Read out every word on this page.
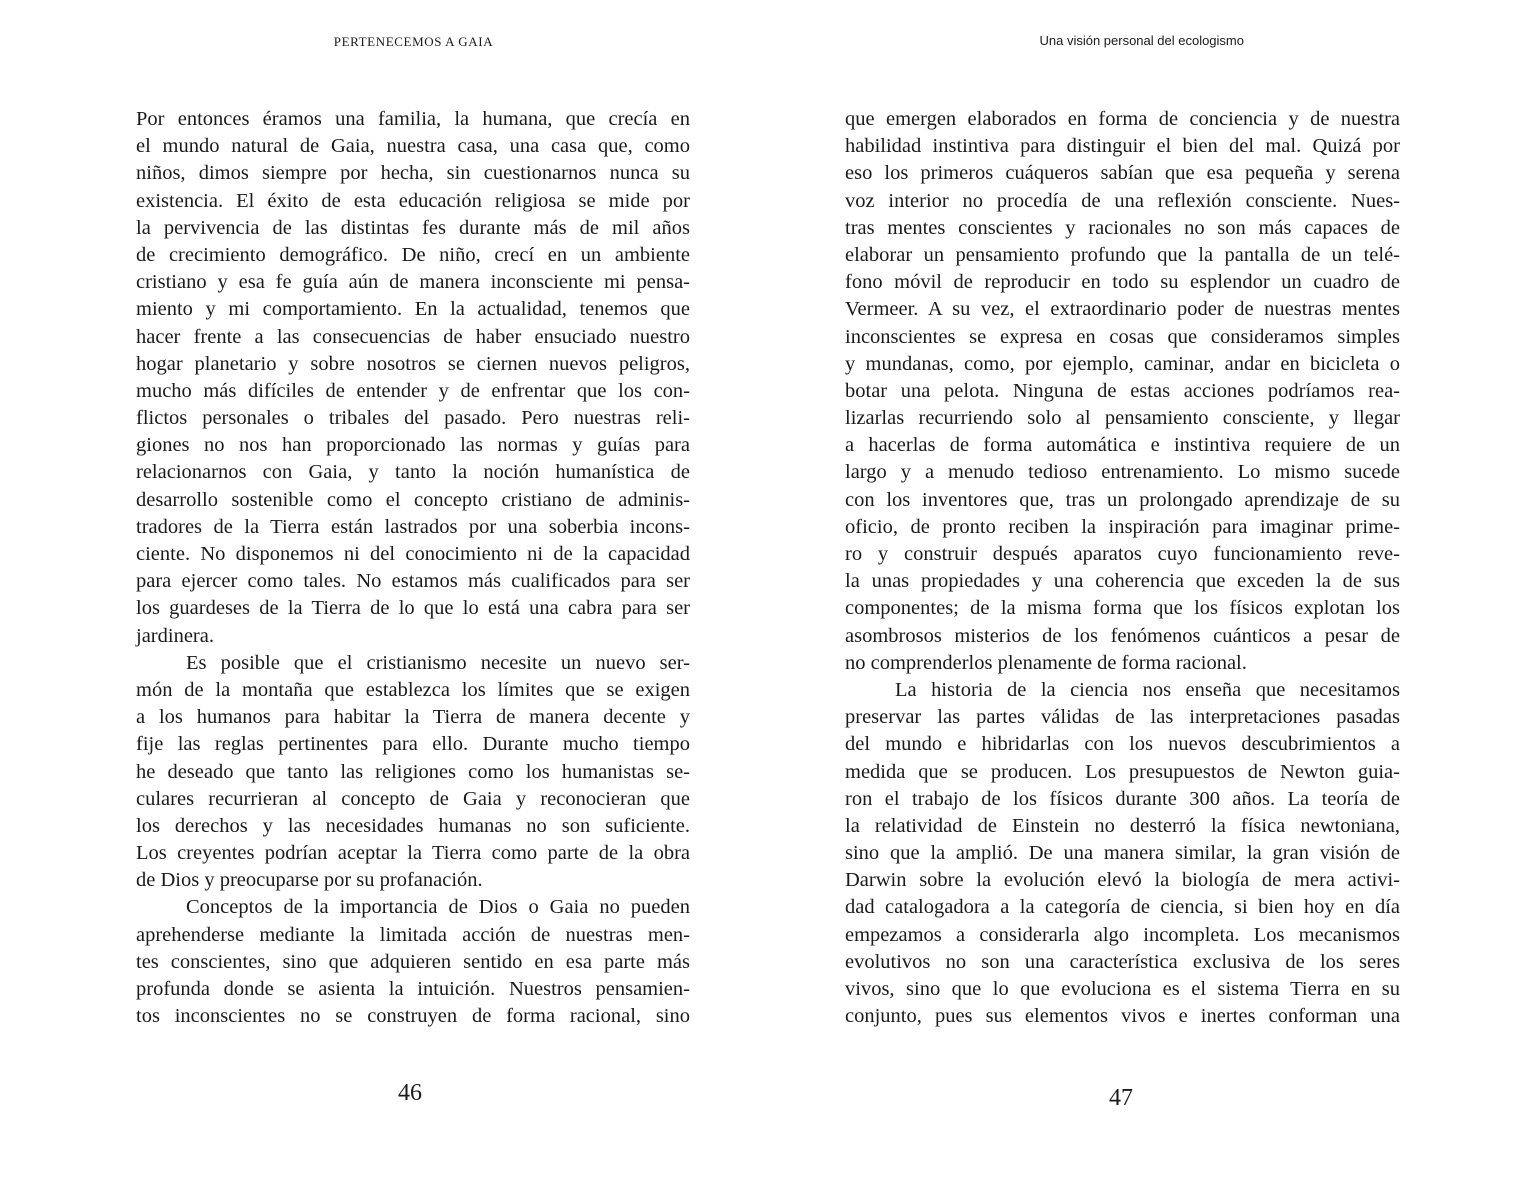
PERTENECEMOS A GAIA
Por entonces éramos una familia, la humana, que crecía en
el mundo natural de Gaia, nuestra casa, una casa que, como
niños, dimos siempre por hecha, sin cuestionarnos nunca su
existencia. El éxito de esta educación religiosa se mide por
la pervivencia de las distintas fes durante más de mil años
de crecimiento demográfico. De niño, crecí en un ambiente
cristiano y esa fe guía aún de manera inconsciente mi pensa-
miento y mi comportamiento. En la actualidad, tenemos que
hacer frente a las consecuencias de haber ensuciado nuestro
hogar planetario y sobre nosotros se ciernen nuevos peligros,
mucho más difíciles de entender y de enfrentar que los con-
flictos personales o tribales del pasado. Pero nuestras reli-
giones no nos han proporcionado las normas y guías para
relacionarnos con Gaia, y tanto la noción humanística de
desarrollo sostenible como el concepto cristiano de adminis-
tradores de la Tierra están lastrados por una soberbia incons-
ciente. No disponemos ni del conocimiento ni de la capacidad
para ejercer como tales. No estamos más cualificados para ser
los guardeses de la Tierra de lo que lo está una cabra para ser
jardinera.
Es posible que el cristianismo necesite un nuevo ser-
món de la montaña que establezca los límites que se exigen
a los humanos para habitar la Tierra de manera decente y
fije las reglas pertinentes para ello. Durante mucho tiempo
he deseado que tanto las religiones como los humanistas se-
culares recurrieran al concepto de Gaia y reconocieran que
los derechos y las necesidades humanas no son suficiente.
Los creyentes podrían aceptar la Tierra como parte de la obra
de Dios y preocuparse por su profanación.
Conceptos de la importancia de Dios o Gaia no pueden
aprehenderse mediante la limitada acción de nuestras men-
tes conscientes, sino que adquieren sentido en esa parte más
profunda donde se asienta la intuición. Nuestros pensamien-
tos inconscientes no se construyen de forma racional, sino
46
Una visión personal del ecologismo
que emergen elaborados en forma de conciencia y de nuestra
habilidad instintiva para distinguir el bien del mal. Quizá por
eso los primeros cuáqueros sabían que esa pequeña y serena
voz interior no procedía de una reflexión consciente. Nues-
tras mentes conscientes y racionales no son más capaces de
elaborar un pensamiento profundo que la pantalla de un telé-
fono móvil de reproducir en todo su esplendor un cuadro de
Vermeer. A su vez, el extraordinario poder de nuestras mentes
inconscientes se expresa en cosas que consideramos simples
y mundanas, como, por ejemplo, caminar, andar en bicicleta o
botar una pelota. Ninguna de estas acciones podríamos rea-
lizarlas recurriendo solo al pensamiento consciente, y llegar
a hacerlas de forma automática e instintiva requiere de un
largo y a menudo tedioso entrenamiento. Lo mismo sucede
con los inventores que, tras un prolongado aprendizaje de su
oficio, de pronto reciben la inspiración para imaginar prime-
ro y construir después aparatos cuyo funcionamiento reve-
la unas propiedades y una coherencia que exceden la de sus
componentes; de la misma forma que los físicos explotan los
asombrosos misterios de los fenómenos cuánticos a pesar de
no comprenderlos plenamente de forma racional.
La historia de la ciencia nos enseña que necesitamos
preservar las partes válidas de las interpretaciones pasadas
del mundo e hibridarlas con los nuevos descubrimientos a
medida que se producen. Los presupuestos de Newton guia-
ron el trabajo de los físicos durante 300 años. La teoría de
la relatividad de Einstein no desterró la física newtoniana,
sino que la amplió. De una manera similar, la gran visión de
Darwin sobre la evolución elevó la biología de mera activi-
dad catalogadora a la categoría de ciencia, si bien hoy en día
empezamos a considerarla algo incompleta. Los mecanismos
evolutivos no son una característica exclusiva de los seres
vivos, sino que lo que evoluciona es el sistema Tierra en su
conjunto, pues sus elementos vivos e inertes conforman una
47
